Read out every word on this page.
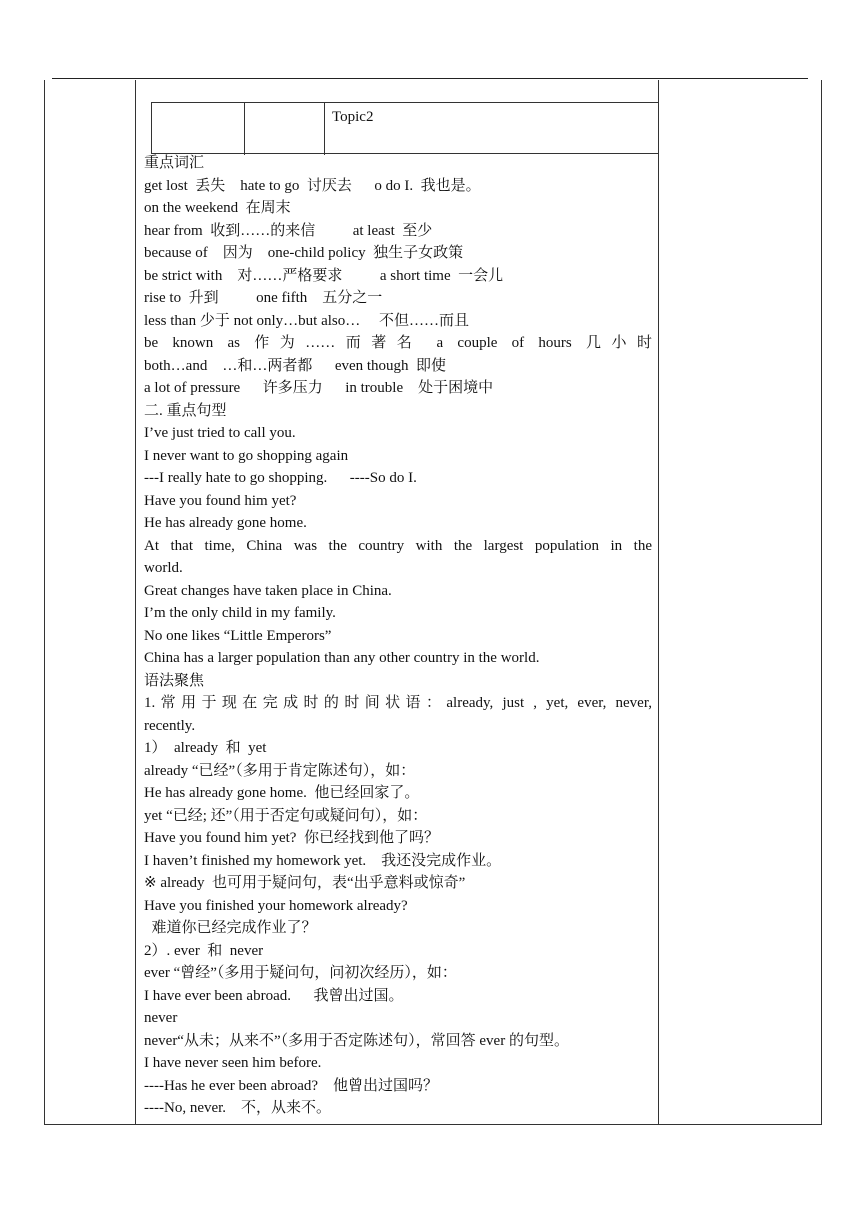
Topic2
重点词汇
get lost  丢失    hate to go  讨厌去      o do I.  我也是。
on the weekend  在周末
hear from  收到……的来信          at least  至少
because of    因为    one-child policy  独生子女政策
be strict with    对……严格要求          a short time  一会儿
rise to  升到          one fifth    五分之一
less than 少于 not only…but also…     不但……而且
be known as 作为……而著名 a couple of hours 几小时
both…and    …和…两者都      even though  即使
a lot of pressure      许多压力      in trouble    处于困境中
二. 重点句型
I’ve just tried to call you.
I never want to go shopping again
---I really hate to go shopping.      ----So do I.
Have you found him yet?
He has already gone home.
At that time, China was the country with the largest population in the
world.
Great changes have taken place in China.
I’m the only child in my family.
No one likes “Little Emperors”
China has a larger population than any other country in the world.
语法聚焦
1.常用于现在完成时的时间状语：already, just , yet, ever, never,
recently.
1）  already  和  yet
already “已经”（多用于肯定陈述句），如：
He has already gone home.  他已经回家了。
yet “已经; 还”（用于否定句或疑问句），如：
Have you found him yet?  你已经找到他了吗？
I haven’t finished my homework yet.    我还没完成作业。
※ already  也可用于疑问句，表“出乎意料或惊奇”
Have you finished your homework already?
难道你已经完成作业了？
2）. ever  和  never
ever “曾经”（多用于疑问句，问初次经历），如：
I have ever been abroad.      我曾出过国。
never
never“从未；从来不”（多用于否定陈述句），常回答 ever 的句型。
I have never seen him before.
----Has he ever been abroad?    他曾出过国吗？
----No, never.    不，从来不。
